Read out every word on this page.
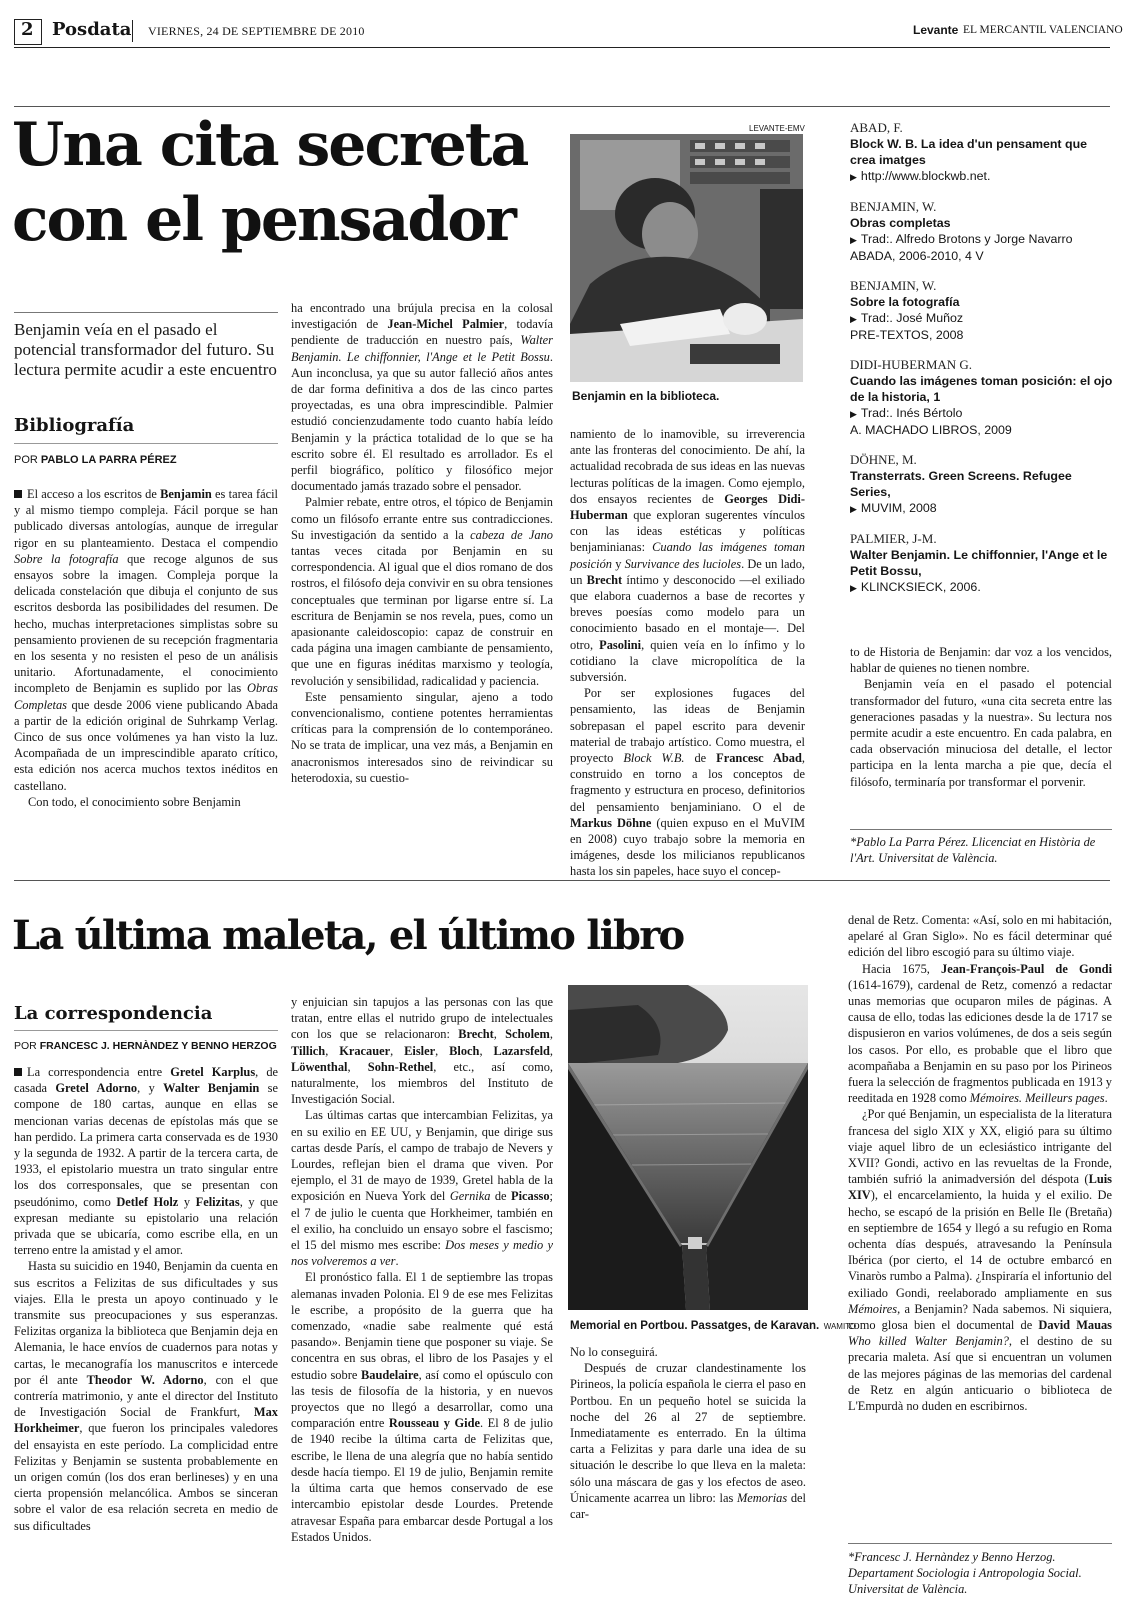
2 Posdata VIERNES, 24 DE SEPTIEMBRE DE 2010	Levante EL MERCANTIL VALENCIANO
Una cita secreta
con el pensador
Benjamin veía en el pasado el potencial transformador del futuro. Su lectura permite acudir a este encuentro
Bibliografía
POR PABLO LA PARRA PÉREZ

El acceso a los escritos de Benjamin es tarea fácil y al mismo tiempo compleja. Fácil porque se han publicado diversas antologías, aunque de irregular rigor en su planteamiento. Destaca el compendio Sobre la fotografía que recoge algunos de sus ensayos sobre la imagen. Compleja porque la delicada constelación que dibuja el conjunto de sus escritos desborda las posibilidades del resumen. De hecho, muchas interpretaciones simplistas sobre su pensamiento provienen de su recepción fragmentaria en los sesenta y no resisten el peso de un análisis unitario. Afortunadamente, el conocimiento incompleto de Benjamin es suplido por las Obras Completas que desde 2006 viene publicando Abada a partir de la edición original de Suhrkamp Verlag. Cinco de sus once volúmenes ya han visto la luz. Acompañada de un imprescindible aparato crítico, esta edición nos acerca muchos textos inéditos en castellano.

Con todo, el conocimiento sobre Benjamin

ha encontrado una brújula precisa en la colosal investigación de Jean-Michel Palmier, todavía pendiente de traducción en nuestro país, Walter Benjamin. Le chiffonnier, l'Ange et le Petit Bossu. Aun inconclusa, ya que su autor falleció años antes de dar forma definitiva a dos de las cinco partes proyectadas, es una obra imprescindible. Palmier estudió concienzudamente todo cuanto había leído Benjamin y la práctica totalidad de lo que se ha escrito sobre él. El resultado es arrollador. Es el perfil biográfico, político y filosófico mejor documentado jamás trazado sobre el pensador.

Palmier rebate, entre otros, el tópico de Benjamin como un filósofo errante entre sus contradicciones. Su investigación da sentido a la cabeza de Jano tantas veces citada por Benjamin en su correspondencia. Al igual que el dios romano de dos rostros, el filósofo deja convivir en su obra tensiones conceptuales que terminan por ligarse entre sí. La escritura de Benjamin se nos revela, pues, como un apasionante caleidoscopio: capaz de construir en cada página una imagen cambiante de pensamiento, que une en figuras inéditas marxismo y teología, revolución y sensibilidad, radicalidad y paciencia.

Este pensamiento singular, ajeno a todo convencionalismo, contiene potentes herramientas críticas para la comprensión de lo contemporáneo. No se trata de implicar, una vez más, a Benjamin en anacronismos interesados sino de reivindicar su heterodoxia, su cuestio-

LEVANTE-EMV
Benjamin en la biblioteca.

namiento de lo inamovible, su irreverencia ante las fronteras del conocimiento. De ahí, la actualidad recobrada de sus ideas en las nuevas lecturas políticas de la imagen. Como ejemplo, dos ensayos recientes de Georges Didi-Huberman que exploran sugerentes vínculos con las ideas estéticas y políticas benjaminianas: Cuando las imágenes toman posición y Survivance des lucioles. De un lado, un Brecht íntimo y desconocido —el exiliado que elabora cuadernos a base de recortes y breves poesías como modelo para un conocimiento basado en el montaje—. Del otro, Pasolini, quien veía en lo ínfimo y lo cotidiano la clave micropolítica de la subversión.

Por ser explosiones fugaces del pensamiento, las ideas de Benjamin sobrepasan el papel escrito para devenir material de trabajo artístico. Como muestra, el proyecto Block W.B. de Francesc Abad, construido en torno a los conceptos de fragmento y estructura en proceso, definitorios del pensamiento benjaminiano. O el de Markus Döhne (quien expuso en el MuVIM en 2008) cuyo trabajo sobre la memoria en imágenes, desde los milicianos republicanos hasta los sin papeles, hace suyo el concep-

ABAD, F.
Block W. B. La idea d'un pensament que crea imatges
▶ http://www.blockwb.net.
BENJAMIN, W.
Obras completas
▶ Trad:. Alfredo Brotons y Jorge Navarro
ABADA, 2006-2010, 4 V
BENJAMIN, W.
Sobre la fotografía
▶ Trad:. José Muñoz
PRE-TEXTOS, 2008
DIDI-HUBERMAN G.
Cuando las imágenes toman posición: el ojo de la historia, 1
▶ Trad:. Inés Bértolo
A. MACHADO LIBROS, 2009
DÖHNE, M.
Transterrats. Green Screens. Refugee Series,
▶ MUVIM, 2008
PALMIER, J-M.
Walter Benjamin. Le chiffonnier, l'Ange et le Petit Bossu,
▶ KLINCKSIECK, 2006.

to de Historia de Benjamin: dar voz a los vencidos, hablar de quienes no tienen nombre.

Benjamin veía en el pasado el potencial transformador del futuro, «una cita secreta entre las generaciones pasadas y la nuestra». Su lectura nos permite acudir a este encuentro. En cada palabra, en cada observación minuciosa del detalle, el lector participa en la lenta marcha a pie que, decía el filósofo, terminaría por transformar el porvenir.

*Pablo La Parra Pérez. Llicenciat en Història de l'Art. Universitat de València.
La última maleta, el último libro
La correspondencia
POR FRANCESC J. HERNÀNDEZ Y BENNO HERZOG

La correspondencia entre Gretel Karplus, de casada Gretel Adorno, y Walter Benjamin se compone de 180 cartas, aunque en ellas se mencionan varias decenas de epístolas más que se han perdido. La primera carta conservada es de 1930 y la segunda de 1932. A partir de la tercera carta, de 1933, el epistolario muestra un trato singular entre los dos corresponsales, que se presentan con pseudónimo, como Detlef Holz y Felizitas, y que expresan mediante su epistolario una relación privada que se ubicaría, como escribe ella, en un terreno entre la amistad y el amor.

Hasta su suicidio en 1940, Benjamin da cuenta en sus escritos a Felizitas de sus dificultades y sus viajes. Ella le presta un apoyo continuado y le transmite sus preocupaciones y sus esperanzas. Felizitas organiza la biblioteca que Benjamin deja en Alemania, le hace envíos de cuadernos para notas y cartas, le mecanografía los manuscritos e intercede por él ante Theodor W. Adorno, con el que contrería matrimonio, y ante el director del Instituto de Investigación Social de Frankfurt, Max Horkheimer, que fueron los principales valedores del ensayista en este período. La complicidad entre Felizitas y Benjamin se sustenta probablemente en un origen común (los dos eran berlineses) y en una cierta propensión melancólica. Ambos se sinceran sobre el valor de esa relación secreta en medio de sus dificultades

y enjuician sin tapujos a las personas con las que tratan, entre ellas el nutrido grupo de intelectuales con los que se relacionaron: Brecht, Scholem, Tillich, Kracauer, Eisler, Bloch, Lazarsfeld, Löwenthal, Sohn-Rethel, etc., así como, naturalmente, los miembros del Instituto de Investigación Social.

Las últimas cartas que intercambian Felizitas, ya en su exilio en EE UU, y Benjamin, que dirige sus cartas desde París, el campo de trabajo de Nevers y Lourdes, reflejan bien el drama que viven. Por ejemplo, el 31 de mayo de 1939, Gretel habla de la exposición en Nueva York del Gernika de Picasso; el 7 de julio le cuenta que Horkheimer, también en el exilio, ha concluido un ensayo sobre el fascismo; el 15 del mismo mes escribe: Dos meses y medio y nos volveremos a ver.

El pronóstico falla. El 1 de septiembre las tropas alemanas invaden Polonia. El 9 de ese mes Felizitas le escribe, a propósito de la guerra que ha comenzado, «nadie sabe realmente qué está pasando». Benjamin tiene que posponer su viaje. Se concentra en sus obras, el libro de los Pasajes y el estudio sobre Baudelaire, así como el opúsculo con las tesis de filosofía de la historia, y en nuevos proyectos que no llegó a desarrollar, como una comparación entre Rousseau y Gide. El 8 de julio de 1940 recibe la última carta de Felizitas que, escribe, le llena de una alegría que no había sentido desde hacía tiempo. El 19 de julio, Benjamin remite la última carta que hemos conservado de ese intercambio epistolar desde Lourdes. Pretende atravesar España para embarcar desde Portugal a los Estados Unidos.

Memorial en Portbou. Passatges, de Karavan. WAMITO

No lo conseguirá.

Después de cruzar clandestinamente los Pirineos, la policía española le cierra el paso en Portbou. En un pequeño hotel se suicida la noche del 26 al 27 de septiembre. Inmediatamente es enterrado. En la última carta a Felizitas y para darle una idea de su situación le describe lo que lleva en la maleta: sólo una máscara de gas y los efectos de aseo. Únicamente acarrea un libro: las Memorias del car-

denal de Retz. Comenta: «Así, solo en mi habitación, apelaré al Gran Siglo». No es fácil determinar qué edición del libro escogió para su último viaje.

Hacia 1675, Jean-François-Paul de Gondi (1614-1679), cardenal de Retz, comenzó a redactar unas memorias que ocuparon miles de páginas. A causa de ello, todas las ediciones desde la de 1717 se dispusieron en varios volúmenes, de dos a seis según los casos. Por ello, es probable que el libro que acompañaba a Benjamin en su paso por los Pirineos fuera la selección de fragmentos publicada en 1913 y reeditada en 1928 como Mémoires. Meilleurs pages.

¿Por qué Benjamin, un especialista de la literatura francesa del siglo XIX y XX, eligió para su último viaje aquel libro de un eclesiástico intrigante del XVII? Gondi, activo en las revueltas de la Fronde, también sufrió la animadversión del déspota (Luis XIV), el encarcelamiento, la huida y el exilio. De hecho, se escapó de la prisión en Belle Ile (Bretaña) en septiembre de 1654 y llegó a su refugio en Roma ochenta días después, atravesando la Península Ibérica (por cierto, el 14 de octubre embarcó en Vinaròs rumbo a Palma). ¿Inspiraría el infortunio del exiliado Gondi, reelaborado ampliamente en sus Mémoires, a Benjamin? Nada sabemos. Ni siquiera, como glosa bien el documental de David Mauas Who killed Walter Benjamin?, el destino de su precaria maleta. Así que si encuentran un volumen de las mejores páginas de las memorias del cardenal de Retz en algún anticuario o biblioteca de L'Empurdà no duden en escribirnos.

*Francesc J. Hernàndez y Benno Herzog.
Departament Sociologia i Antropologia Social.
Universitat de València.
